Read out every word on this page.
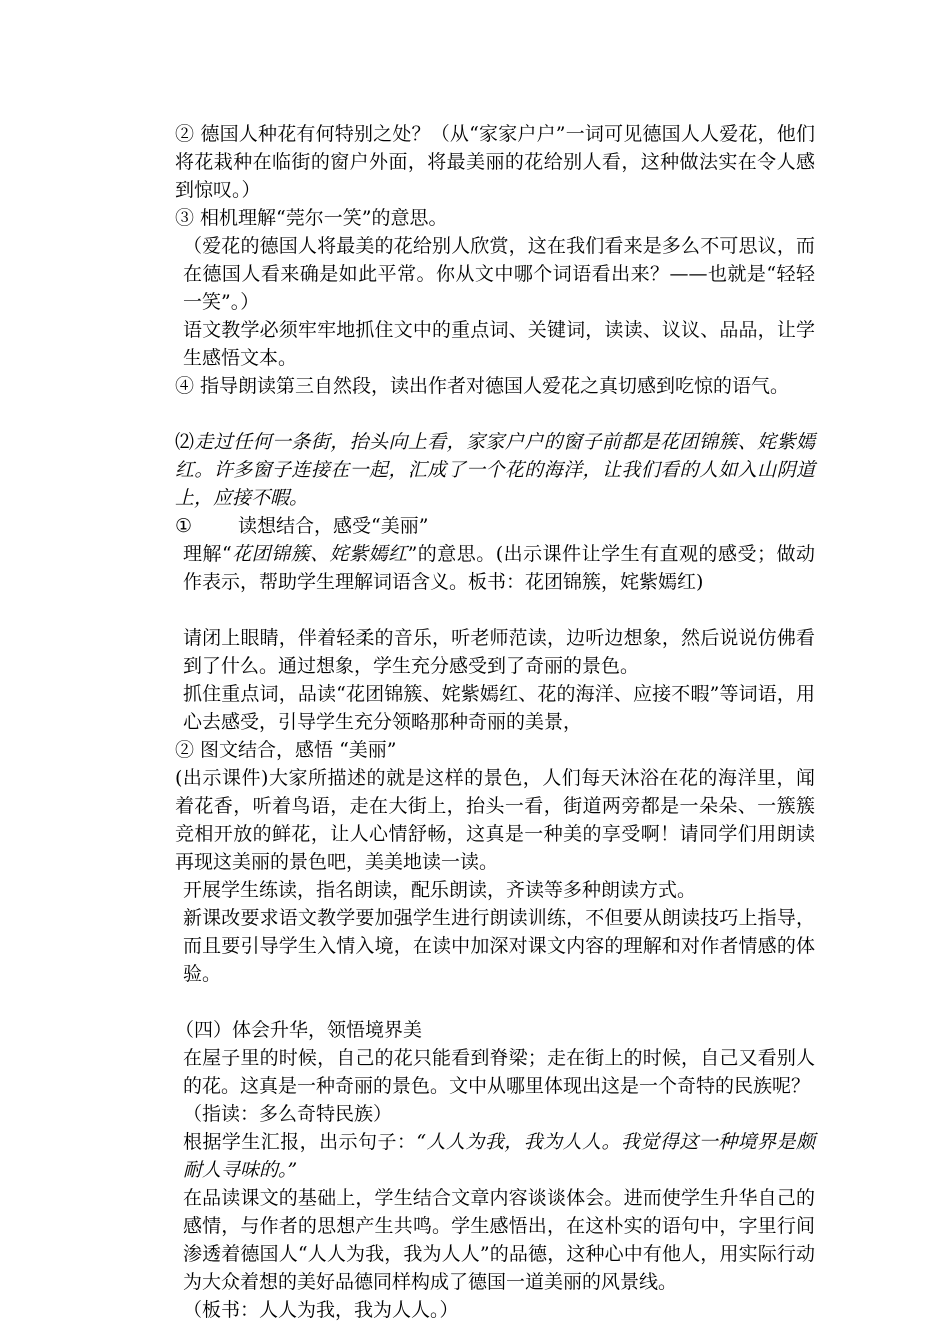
② 德国人种花有何特别之处？（从“家家户户”一词可见德国人人爱花，他们将花栽种在临街的窗户外面，将最美丽的花给别人看，这种做法实在令人感到惊叹。）

③ 相机理解“莞尔一笑”的意思。

（爱花的德国人将最美的花给别人欣赏，这在我们看来是多么不可思议，而在德国人看来确是如此平常。你从文中哪个词语看出来？——也就是“轻轻一笑”。）

语文教学必须牢牢地抓住文中的重点词、关键词，读读、议议、品品，让学生感悟文本。

④ 指导朗读第三自然段，读出作者对德国人爱花之真切感到吃惊的语气。

⑵走过任何一条街，抬头向上看，家家户户的窗子前都是花团锦簇、姹紫嫣红。许多窗子连接在一起，汇成了一个花的海洋，让我们看的人如入山阴道上，应接不暇。

① 读想结合，感受“美丽”

理解“花团锦簇、姹紫嫣红”的意思。(出示课件让学生有直观的感受；做动作表示，帮助学生理解词语含义。板书：花团锦簇，姹紫嫣红)

请闭上眼睛，伴着轻柔的音乐，听老师范读，边听边想象，然后说说仿佛看到了什么。通过想象，学生充分感受到了奇丽的景色。

抓住重点词，品读“花团锦簇、姹紫嫣红、花的海洋、应接不暇”等词语，用心去感受，引导学生充分领略那种奇丽的美景，

② 图文结合，感悟 “美丽”

(出示课件)大家所描述的就是这样的景色，人们每天沐浴在花的海洋里，闻着花香，听着鸟语，走在大街上，抬头一看，街道两旁都是一朵朵、一簇簇竞相开放的鲜花，让人心情舒畅，这真是一种美的享受啊！请同学们用朗读再现这美丽的景色吧，美美地读一读。

开展学生练读，指名朗读，配乐朗读，齐读等多种朗读方式。

新课改要求语文教学要加强学生进行朗读训练，不但要从朗读技巧上指导，而且要引导学生入情入境，在读中加深对课文内容的理解和对作者情感的体验。

（四）体会升华，领悟境界美

在屋子里的时候，自己的花只能看到脊梁；走在街上的时候，自己又看别人的花。这真是一种奇丽的景色。文中从哪里体现出这是一个奇特的民族呢？

（指读：多么奇特民族）

根据学生汇报，出示句子：“人人为我，我为人人。我觉得这一种境界是颇耐人寻味的。”

在品读课文的基础上，学生结合文章内容谈谈体会。进而使学生升华自己的感情，与作者的思想产生共鸣。学生感悟出，在这朴实的语句中，字里行间渗透着德国人“人人为我，我为人人”的品德，这种心中有他人，用实际行动为大众着想的美好品德同样构成了德国一道美丽的风景线。

（板书：人人为我，我为人人。）
